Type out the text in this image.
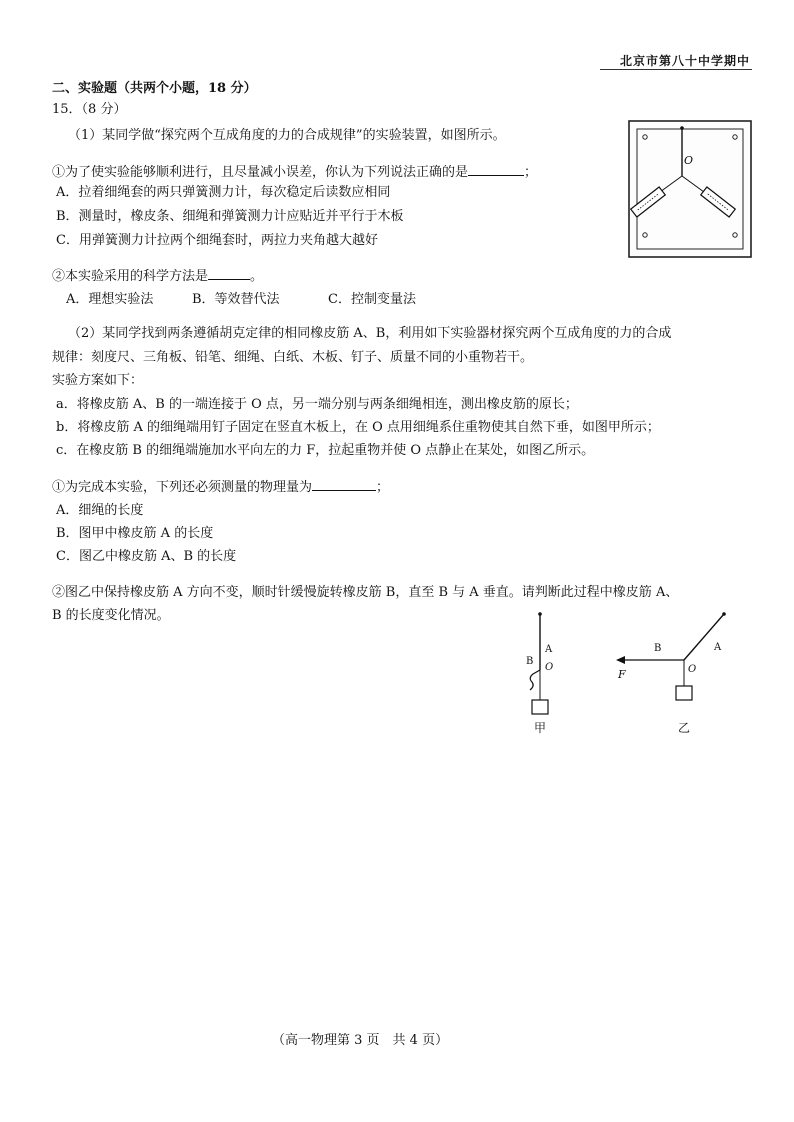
北京市第八十中学期中
二、实验题（共两个小题，18 分）
15．（8 分）
（1）某同学做“探究两个互成角度的力的合成规律”的实验装置，如图所示。
①为了使实验能够顺利进行，且尽量减小误差，你认为下列说法正确的是	；
A．拉着细绳套的两只弹簧测力计，每次稳定后读数应相同
B．测量时，橡皮条、细绳和弹簧测力计应贴近并平行于木板
C．用弹簧测力计拉两个细绳套时，两拉力夹角越大越好
②本实验采用的科学方法是	。
A．理想实验法	B．等效替代法	C．控制变量法
O
（2）某同学找到两条遵循胡克定律的相同橡皮筋 A、B，利用如下实验器材探究两个互成角度的力的合成
规律：刻度尺、三角板、铅笔、细绳、白纸、木板、钉子、质量不同的小重物若干。
实验方案如下：
a．将橡皮筋 A、B 的一端连接于 O 点，另一端分别与两条细绳相连，测出橡皮筋的原长；
b．将橡皮筋 A 的细绳端用钉子固定在竖直木板上，在 O 点用细绳系住重物使其自然下垂，如图甲所示；
c．在橡皮筋 B 的细绳端施加水平向左的力 F，拉起重物并使 O 点静止在某处，如图乙所示。
①为完成本实验，下列还必须测量的物理量为	；
A．细绳的长度
B．图甲中橡皮筋 A 的长度
C．图乙中橡皮筋 A、B 的长度
②图乙中保持橡皮筋 A 方向不变，顺时针缓慢旋转橡皮筋 B，直至 B 与 A 垂直。请判断此过程中橡皮筋 A、
B 的长度变化情况。
A
B
O
甲
B	A
O
F
乙
（高一物理第 3 页　共 4 页）
